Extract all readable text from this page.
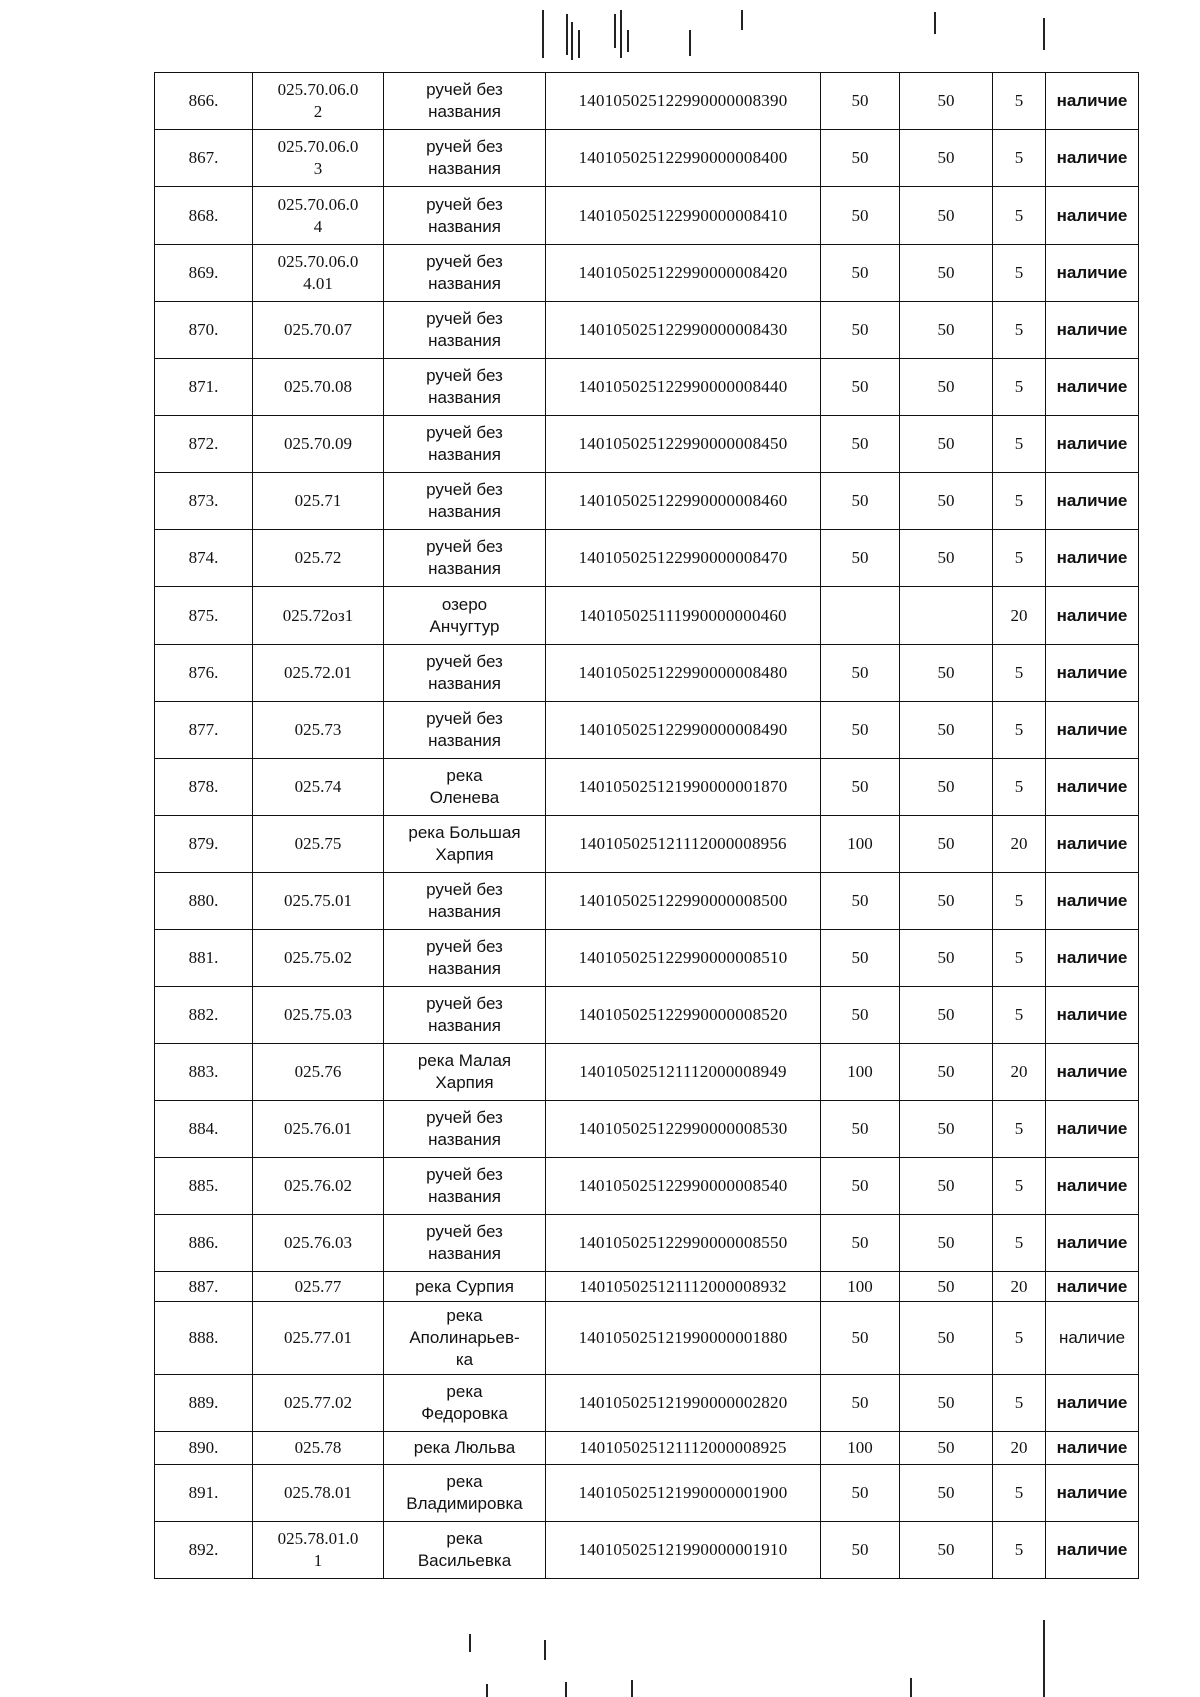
866.	025.70.06.0
2	ручей без
названия	140105025122990000008390	50	50	5	наличие
867.	025.70.06.0
3	ручей без
названия	140105025122990000008400	50	50	5	наличие
868.	025.70.06.0
4	ручей без
названия	140105025122990000008410	50	50	5	наличие
869.	025.70.06.0
4.01	ручей без
названия	140105025122990000008420	50	50	5	наличие
870.	025.70.07	ручей без
названия	140105025122990000008430	50	50	5	наличие
871.	025.70.08	ручей без
названия	140105025122990000008440	50	50	5	наличие
872.	025.70.09	ручей без
названия	140105025122990000008450	50	50	5	наличие
873.	025.71	ручей без
названия	140105025122990000008460	50	50	5	наличие
874.	025.72	ручей без
названия	140105025122990000008470	50	50	5	наличие
875.	025.72оз1	озеро
Анчугтур	140105025111990000000460			20	наличие
876.	025.72.01	ручей без
названия	140105025122990000008480	50	50	5	наличие
877.	025.73	ручей без
названия	140105025122990000008490	50	50	5	наличие
878.	025.74	река
Оленева	140105025121990000001870	50	50	5	наличие
879.	025.75	река Большая
Харпия	140105025121112000008956	100	50	20	наличие
880.	025.75.01	ручей без
названия	140105025122990000008500	50	50	5	наличие
881.	025.75.02	ручей без
названия	140105025122990000008510	50	50	5	наличие
882.	025.75.03	ручей без
названия	140105025122990000008520	50	50	5	наличие
883.	025.76	река Малая
Харпия	140105025121112000008949	100	50	20	наличие
884.	025.76.01	ручей без
названия	140105025122990000008530	50	50	5	наличие
885.	025.76.02	ручей без
названия	140105025122990000008540	50	50	5	наличие
886.	025.76.03	ручей без
названия	140105025122990000008550	50	50	5	наличие
887.	025.77	река Сурпия	140105025121112000008932	100	50	20	наличие
888.	025.77.01	река
Аполинарьев-
ка	140105025121990000001880	50	50	5	наличие
889.	025.77.02	река
Федоровка	140105025121990000002820	50	50	5	наличие
890.	025.78	река Люльва	140105025121112000008925	100	50	20	наличие
891.	025.78.01	река
Владимировка	140105025121990000001900	50	50	5	наличие
892.	025.78.01.0
1	река
Васильевка	140105025121990000001910	50	50	5	наличие
